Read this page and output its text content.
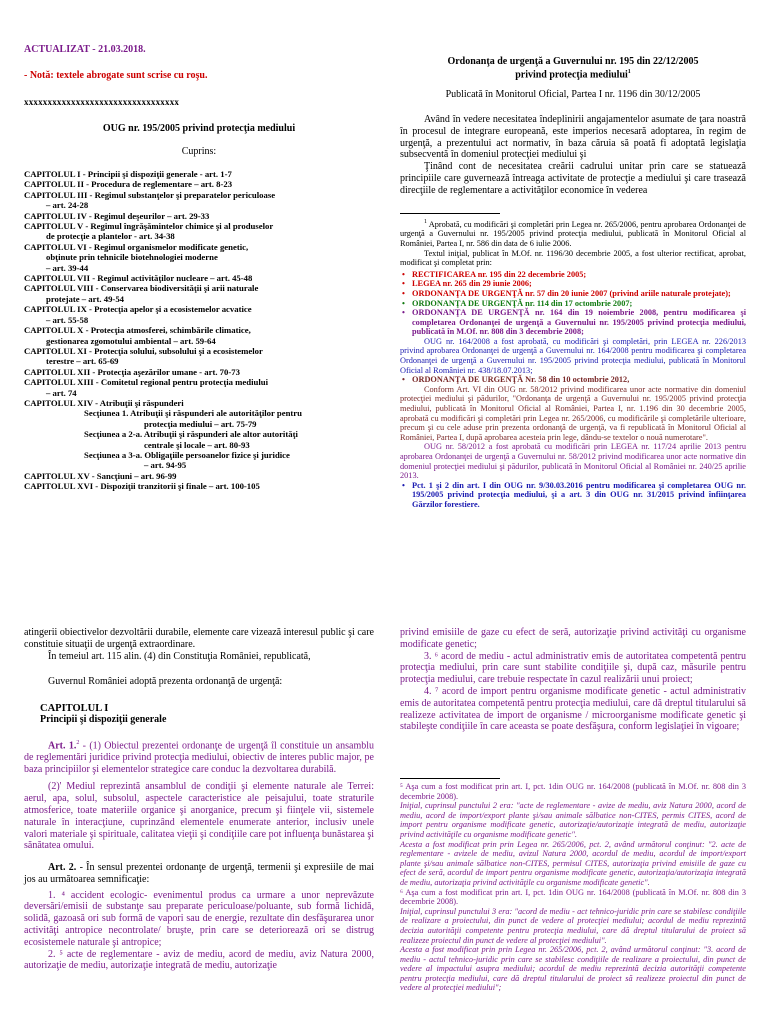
ACTUALIZAT - 21.03.2018.

- Notă: textele abrogate sunt scrise cu roşu.

xxxxxxxxxxxxxxxxxxxxxxxxxxxxxxxxx

OUG nr. 195/2005 privind protecţia mediului

Cuprins:

CAPITOLUL I - Principii şi dispoziţii generale - art. 1-7

CAPITOLUL II - Procedura de reglementare – art. 8-23

CAPITOLUL III - Regimul substanţelor şi preparatelor periculoase

– art. 24-28

CAPITOLUL IV - Regimul deşeurilor – art. 29-33

CAPITOLUL V - Regimul îngrăşămintelor chimice şi al produselor

de protecţie a plantelor - art. 34-38

CAPITOLUL VI - Regimul organismelor modificate genetic,

obţinute prin tehnicile biotehnologiei moderne

– art. 39-44

CAPITOLUL VII - Regimul activităţilor nucleare – art. 45-48

CAPITOLUL VIII - Conservarea biodiversităţii şi arii naturale

protejate – art. 49-54

CAPITOLUL IX - Protecţia apelor şi a ecosistemelor acvatice

– art. 55-58

CAPITOLUL X - Protecţia atmosferei, schimbările climatice,

gestionarea zgomotului ambiental – art. 59-64

CAPITOLUL XI - Protecţia solului, subsolului şi a ecosistemelor

terestre – art. 65-69

CAPITOLUL XII - Protecţia aşezărilor umane - art. 70-73

CAPITOLUL XIII - Comitetul regional pentru protecţia mediului

– art. 74

CAPITOLUL XIV - Atribuţii şi răspunderi

Secţiunea 1. Atribuţii şi răspunderi ale autorităţilor pentru

protecţia mediului – art. 75-79

Secţiunea a 2-a. Atribuţii şi răspunderi ale altor autorităţi

centrale şi locale – art. 80-93

Secţiunea a 3-a. Obligaţiile persoanelor fizice şi juridice

– art. 94-95

CAPITOLUL XV - Sancţiuni – art. 96-99

CAPITOLUL XVI - Dispoziţii tranzitorii şi finale – art. 100-105

Ordonanţa de urgenţă a Guvernului nr. 195 din 22/12/2005

privind protecţia mediului$^1$

Publicată în Monitorul Oficial, Partea I nr. 1196 din 30/12/2005

Având în vedere necesitatea îndeplinirii angajamentelor asumate de ţara noastră în procesul de integrare europeană, este imperios necesară adoptarea, în regim de urgenţă, a prezentului act normativ, în baza căruia să poată fi adoptată legislaţia subsecventă în domeniul protecţiei mediului şi

Ţinând cont de necesitatea creării cadrului unitar prin care se statuează principiile care guvernează întreaga activitate de protecţie a mediului şi care trasează direcţiile de reglementare a activităţilor economice în vederea

$^1$ Aprobată, cu modificări şi completări prin Legea nr. 265/2006, pentru aprobarea Ordonanţei de urgenţă a Guvernului nr. 195/2005 privind protecţia mediului, publicată în Monitorul Oficial al României, Partea I, nr. 586 din data de 6 iulie 2006.

Textul iniţial, publicat în M.Of. nr. 1196/30 decembrie 2005, a fost ulterior rectificat, aprobat, modificat şi completat prin:

• RECTIFICAREA nr. 195 din 22 decembrie 2005;

• LEGEA nr. 265 din 29 iunie 2006;

• ORDONANŢA DE URGENŢĂ nr. 57 din 20 iunie 2007 (privind ariile naturale protejate);

• ORDONANŢA DE URGENŢĂ nr. 114 din 17 octombrie 2007;

• ORDONANŢA DE URGENŢĂ nr. 164 din 19 noiembrie 2008, pentru modificarea şi completarea Ordonanţei de urgenţă a Guvernului nr. 195/2005 privind protecţia mediului, publicată în M.Of. nr. 808 din 3 decembrie 2008;

OUG nr. 164/2008 a fost aprobată, cu modificări şi completări, prin LEGEA nr. 226/2013 privind aprobarea Ordonanţei de urgenţă a Guvernului nr. 164/2008 pentru modificarea şi completarea Ordonanţei de urgenţă a Guvernului nr. 195/2005 privind protecţia mediului, publicată în Monitorul Oficial al României nr. 438/18.07.2013;

• ORDONANŢA DE URGENŢĂ Nr. 58 din 10 octombrie 2012,

Conform Art. VI din OUG nr. 58/2012 privind modificarea unor acte normative din domeniul protecţiei mediului şi pădurilor, "Ordonanţa de urgenţă a Guvernului nr. 195/2005 privind protecţia mediului, publicată în Monitorul Oficial al României, Partea I, nr. 1.196 din 30 decembrie 2005, aprobată cu modificări şi completări prin Legea nr. 265/2006, cu modificările şi completările ulterioare, precum şi cu cele aduse prin prezenta ordonanţă de urgenţă, va fi republicată în Monitorul Oficial al României, Partea I, după aprobarea acesteia prin lege, dându-se textelor o nouă numerotare".

OUG nr. 58/2012 a fost aprobată cu modificări prin LEGEA nr. 117/24 aprilie 2013 pentru aprobarea Ordonanţei de urgenţă a Guvernului nr. 58/2012 privind modificarea unor acte normative din domeniul protecţiei mediului şi pădurilor, publicată în Monitorul Oficial al României nr. 240/25 aprilie 2013.

• Pct. 1 şi 2 din art. I din OUG nr. 9/30.03.2016 pentru modificarea şi completarea OUG nr. 195/2005 privind protecţia mediului, şi a art. 3 din OUG nr. 31/2015 privind înfiinţarea Gărzilor forestiere.

atingerii obiectivelor dezvoltării durabile, elemente care vizează interesul public şi care constituie situaţii de urgenţă extraordinare.

În temeiul art. 115 alin. (4) din Constituţia României, republicată,

Guvernul României adoptă prezenta ordonanţă de urgenţă:

CAPITOLUL I

Principii şi dispoziţii generale

Art. 1.$^2$ - (1) Obiectul prezentei ordonanţe de urgenţă îl constituie un ansamblu de reglementări juridice privind protecţia mediului, obiectiv de interes public major, pe baza principiilor şi elementelor strategice care conduc la dezvoltarea durabilă.

(2)' Mediul reprezintă ansamblul de condiţii şi elemente naturale ale Terrei: aerul, apa, solul, subsolul, aspectele caracteristice ale peisajului, toate straturile atmosferice, toate materiile organice şi anorganice, precum şi fiinţele vii, sistemele naturale în interacţiune, cuprinzând elementele enumerate anterior, inclusiv unele valori materiale şi spirituale, calitatea vieţii şi condiţiile care pot influenţa bunăstarea şi sănătatea omului.

Art. 2. - În sensul prezentei ordonanţe de urgenţă, termenii şi expresiile de mai jos au următoarea semnificaţie:

1. ⁴ accident ecologic- evenimentul produs ca urmare a unor neprevăzute deversări/emisii de substanţe sau preparate periculoase/poluante, sub formă lichidă, solidă, gazoasă ori sub formă de vapori sau de energie, rezultate din desfăşurarea unor activităţi antropice necontrolate/ bruşte, prin care se deteriorează ori se distrug ecosistemele naturale şi antropice;

2. ⁵ acte de reglementare - aviz de mediu, acord de mediu, aviz Natura 2000, autorizaţie de mediu, autorizaţie integrată de mediu, autorizaţie

privind emisiile de gaze cu efect de seră, autorizaţie privind activităţi cu organisme modificate genetic;

3. ⁶ acord de mediu - actul administrativ emis de autoritatea competentă pentru protecţia mediului, prin care sunt stabilite condiţiile şi, după caz, măsurile pentru protecţia mediului, care trebuie respectate în cazul realizării unui proiect;

4. ⁷ acord de import pentru organisme modificate genetic - actul administrativ emis de autoritatea competentă pentru protecţia mediului, care dă dreptul titularului să realizeze activitatea de import de organisme / microorganisme modificate genetic şi stabileşte condiţiile în care aceasta se poate desfăşura, conform legislaţiei în vigoare;

⁵ Aşa cum a fost modificat prin art. I, pct. 1din OUG nr. 164/2008 (publicată în M.Of. nr. 808 din 3 decembrie 2008).

Iniţial, cuprinsul punctului 2 era: "acte de reglementare - avize de mediu, aviz Natura 2000, acord de mediu, acord de import/export plante şi/sau animale sălbatice non-CITES, permis CITES, acord de import pentru organisme modificate genetic, autorizaţie/autorizaţie integrată de mediu, autorizaţie privind activităţile cu organisme modificate genetic".

Acesta a fost modificat prin prin Legea nr. 265/2006, pct. 2, având următorul conţinut: "2. acte de reglementare - avizele de mediu, avizul Natura 2000, acordul de mediu, acordul de import/export plante şi/sau animale sălbatice non-CITES, permisul CITES, autorizaţia privind emisiile de gaze cu efect de seră, acordul de import pentru organisme modificate genetic, autorizaţia/autorizaţia integrată de mediu, autorizaţia privind activităţile cu organisme modificate genetic".

⁶ Aşa cum a fost modificat prin art. I, pct. 1din OUG nr. 164/2008 (publicată în M.Of. nr. 808 din 3 decembrie 2008).

Iniţial, cuprinsul punctului 3 era: "acord de mediu - act tehnico-juridic prin care se stabilesc condiţiile de realizare a proiectului, din punct de vedere al protecţiei mediului; acordul de mediu reprezintă decizia autorităţii competente pentru protecţia mediului, care dă dreptul titularului de proiect să realizeze proiectul din punct de vedere al protecţiei mediului".

Acesta a fost modificat prin prin Legea nr. 265/2006, pct. 2, având următorul conţinut: "3. acord de mediu - actul tehnico-juridic prin care se stabilesc condiţiile de realizare a proiectului, din punct de vedere al impactului asupra mediului; acordul de mediu reprezintă decizia autorităţii competente pentru protecţia mediului, care dă dreptul titularului de proiect să realizeze proiectul din punct de vedere al protecţiei mediului";
